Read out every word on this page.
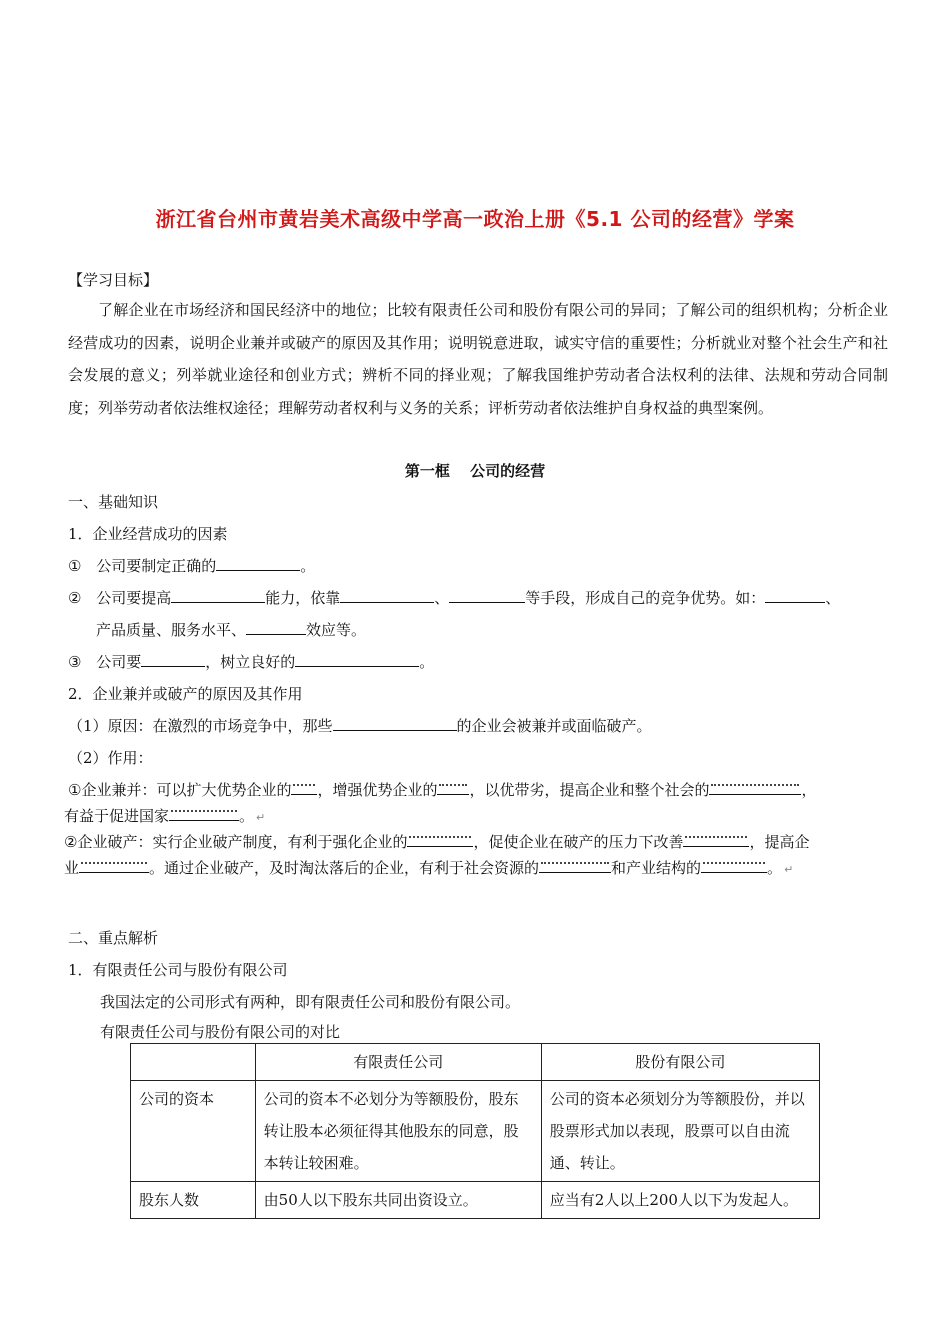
浙江省台州市黄岩美术高级中学高一政治上册《5.1 公司的经营》学案
【学习目标】
了解企业在市场经济和国民经济中的地位；比较有限责任公司和股份有限公司的异同；了解公司的组织机构；分析企业经营成功的因素，说明企业兼并或破产的原因及其作用；说明锐意进取，诚实守信的重要性；分析就业对整个社会生产和社会发展的意义；列举就业途径和创业方式；辨析不同的择业观；了解我国维护劳动者合法权利的法律、法规和劳动合同制度；列举劳动者依法维权途径；理解劳动者权利与义务的关系；评析劳动者依法维护自身权益的典型案例。
第一框　 公司的经营
一、基础知识
1．企业经营成功的因素
① 公司要制定正确的	。
② 公司要提高	能力，依靠	、	等手段，形成自己的竞争优势。如：	、
产品质量、服务水平、	效应等。
③ 公司要	，树立良好的	。
2．企业兼并或破产的原因及其作用
（1）原因：在激烈的市场竞争中，那些	的企业会被兼并或面临破产。
（2）作用：
①企业兼并：可以扩大优势企业的 ，增强优势企业的 ，以优带劣，提高企业和整个社会的	，
有益于促进国家	。 ↵
②企业破产：实行企业破产制度，有利于强化企业的	，促使企业在破产的压力下改善	，提高企
业	。通过企业破产，及时淘汰落后的企业，有利于社会资源的	和产业结构的	。 ↵
二、重点解析
1．有限责任公司与股份有限公司
我国法定的公司形式有两种，即有限责任公司和股份有限公司。
有限责任公司与股份有限公司的对比
	有限责任公司	股份有限公司
公司的资本	公司的资本不必划分为等额股份，股东转让股本必须征得其他股东的同意，股本转让较困难。	公司的资本必须划分为等额股份，并以股票形式加以表现，股票可以自由流通、转让。
股东人数	由50人以下股东共同出资设立。	应当有2人以上200人以下为发起人。
